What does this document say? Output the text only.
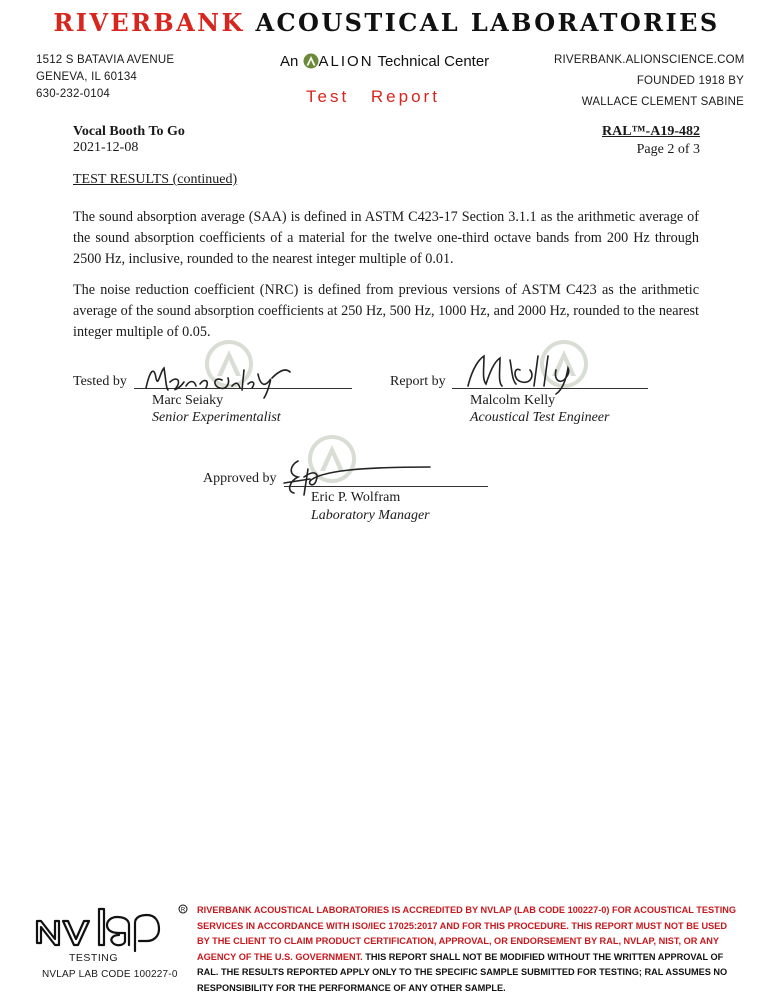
RIVERBANK ACOUSTICAL LABORATORIES
1512 S BATAVIA AVENUE
GENEVA, IL 60134
630-232-0104
An ALION Technical Center
Test Report
RIVERBANK.ALIONSCIENCE.COM
FOUNDED 1918 BY
WALLACE CLEMENT SABINE
Vocal Booth To Go
2021-12-08
RAL™-A19-482
Page 2 of 3
TEST RESULTS (continued)
The sound absorption average (SAA) is defined in ASTM C423-17 Section 3.1.1 as the arithmetic average of the sound absorption coefficients of a material for the twelve one-third octave bands from 200 Hz through 2500 Hz, inclusive, rounded to the nearest integer multiple of 0.01.
The noise reduction coefficient (NRC) is defined from previous versions of ASTM C423 as the arithmetic average of the sound absorption coefficients at 250 Hz, 500 Hz, 1000 Hz, and 2000 Hz, rounded to the nearest integer multiple of 0.05.
Tested by
Marc Seiaky
Senior Experimentalist
Report by
Malcolm Kelly
Acoustical Test Engineer
Approved by
Eric P. Wolfram
Laboratory Manager
R
TESTING
NVLAP LAB CODE 100227-0
RIVERBANK ACOUSTICAL LABORATORIES IS ACCREDITED BY NVLAP (LAB CODE 100227-0) FOR ACOUSTICAL TESTING SERVICES IN ACCORDANCE WITH ISO/IEC 17025:2017 AND FOR THIS PROCEDURE. THIS REPORT MUST NOT BE USED BY THE CLIENT TO CLAIM PRODUCT CERTIFICATION, APPROVAL, OR ENDORSEMENT BY RAL, NVLAP, NIST, OR ANY AGENCY OF THE U.S. GOVERNMENT. THIS REPORT SHALL NOT BE MODIFIED WITHOUT THE WRITTEN APPROVAL OF RAL. THE RESULTS REPORTED APPLY ONLY TO THE SPECIFIC SAMPLE SUBMITTED FOR TESTING; RAL ASSUMES NO RESPONSIBILITY FOR THE PERFORMANCE OF ANY OTHER SAMPLE.
